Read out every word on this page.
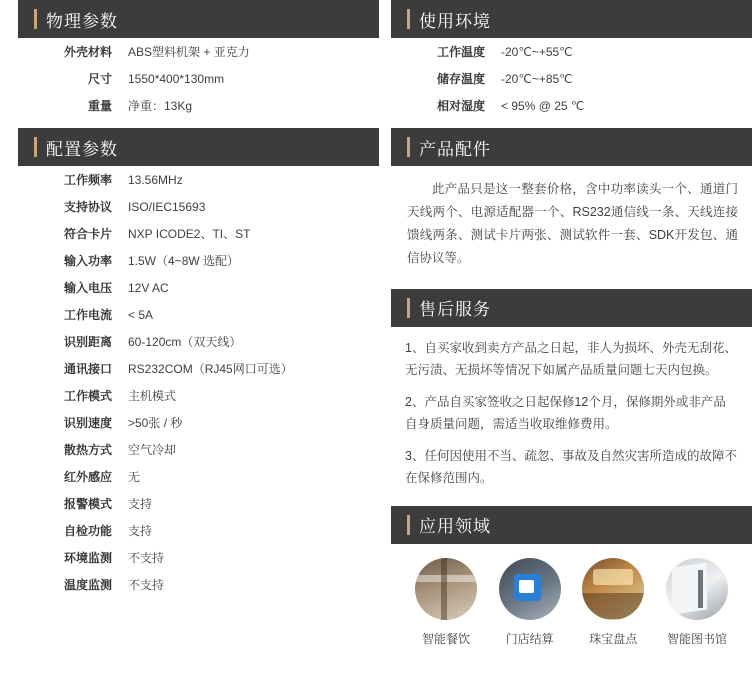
物理参数
外壳材料	ABS塑料机架 + 亚克力
尺寸	1550*400*130mm
重量	净重：13Kg
配置参数
工作频率	13.56MHz
支持协议	ISO/IEC15693
符合卡片	NXP ICODE2、TI、ST
输入功率	1.5W（4~8W 选配）
输入电压	12V AC
工作电流	< 5A
识别距离	60-120cm（双天线）
通讯接口	RS232COM（RJ45网口可选）
工作模式	主机模式
识别速度	>50张 / 秒
散热方式	空气冷却
红外感应	无
报警模式	支持
自检功能	支持
环境监测	不支持
温度监测	不支持
使用环境
工作温度	-20℃~+55℃
储存温度	-20℃~+85℃
相对湿度	< 95% @ 25 ℃
产品配件

此产品只是这一整套价格，含中功率读头一个、通道门天线两个、电源适配器一个、RS232通信线一条、天线连接馈线两条、测试卡片两张、测试软件一套、SDK开发包、通信协议等。

售后服务

1、自买家收到卖方产品之日起，非人为损坏、外壳无刮花、无污渍、无损坏等情况下如属产品质量问题七天内包换。

2、产品自买家签收之日起保修12个月，保修期外或非产品自身质量问题，需适当收取维修费用。

3、任何因使用不当、疏忽、事故及自然灾害所造成的故障不在保修范围内。

应用领域
智能餐饮	门店结算	珠宝盘点 智能图书馆
